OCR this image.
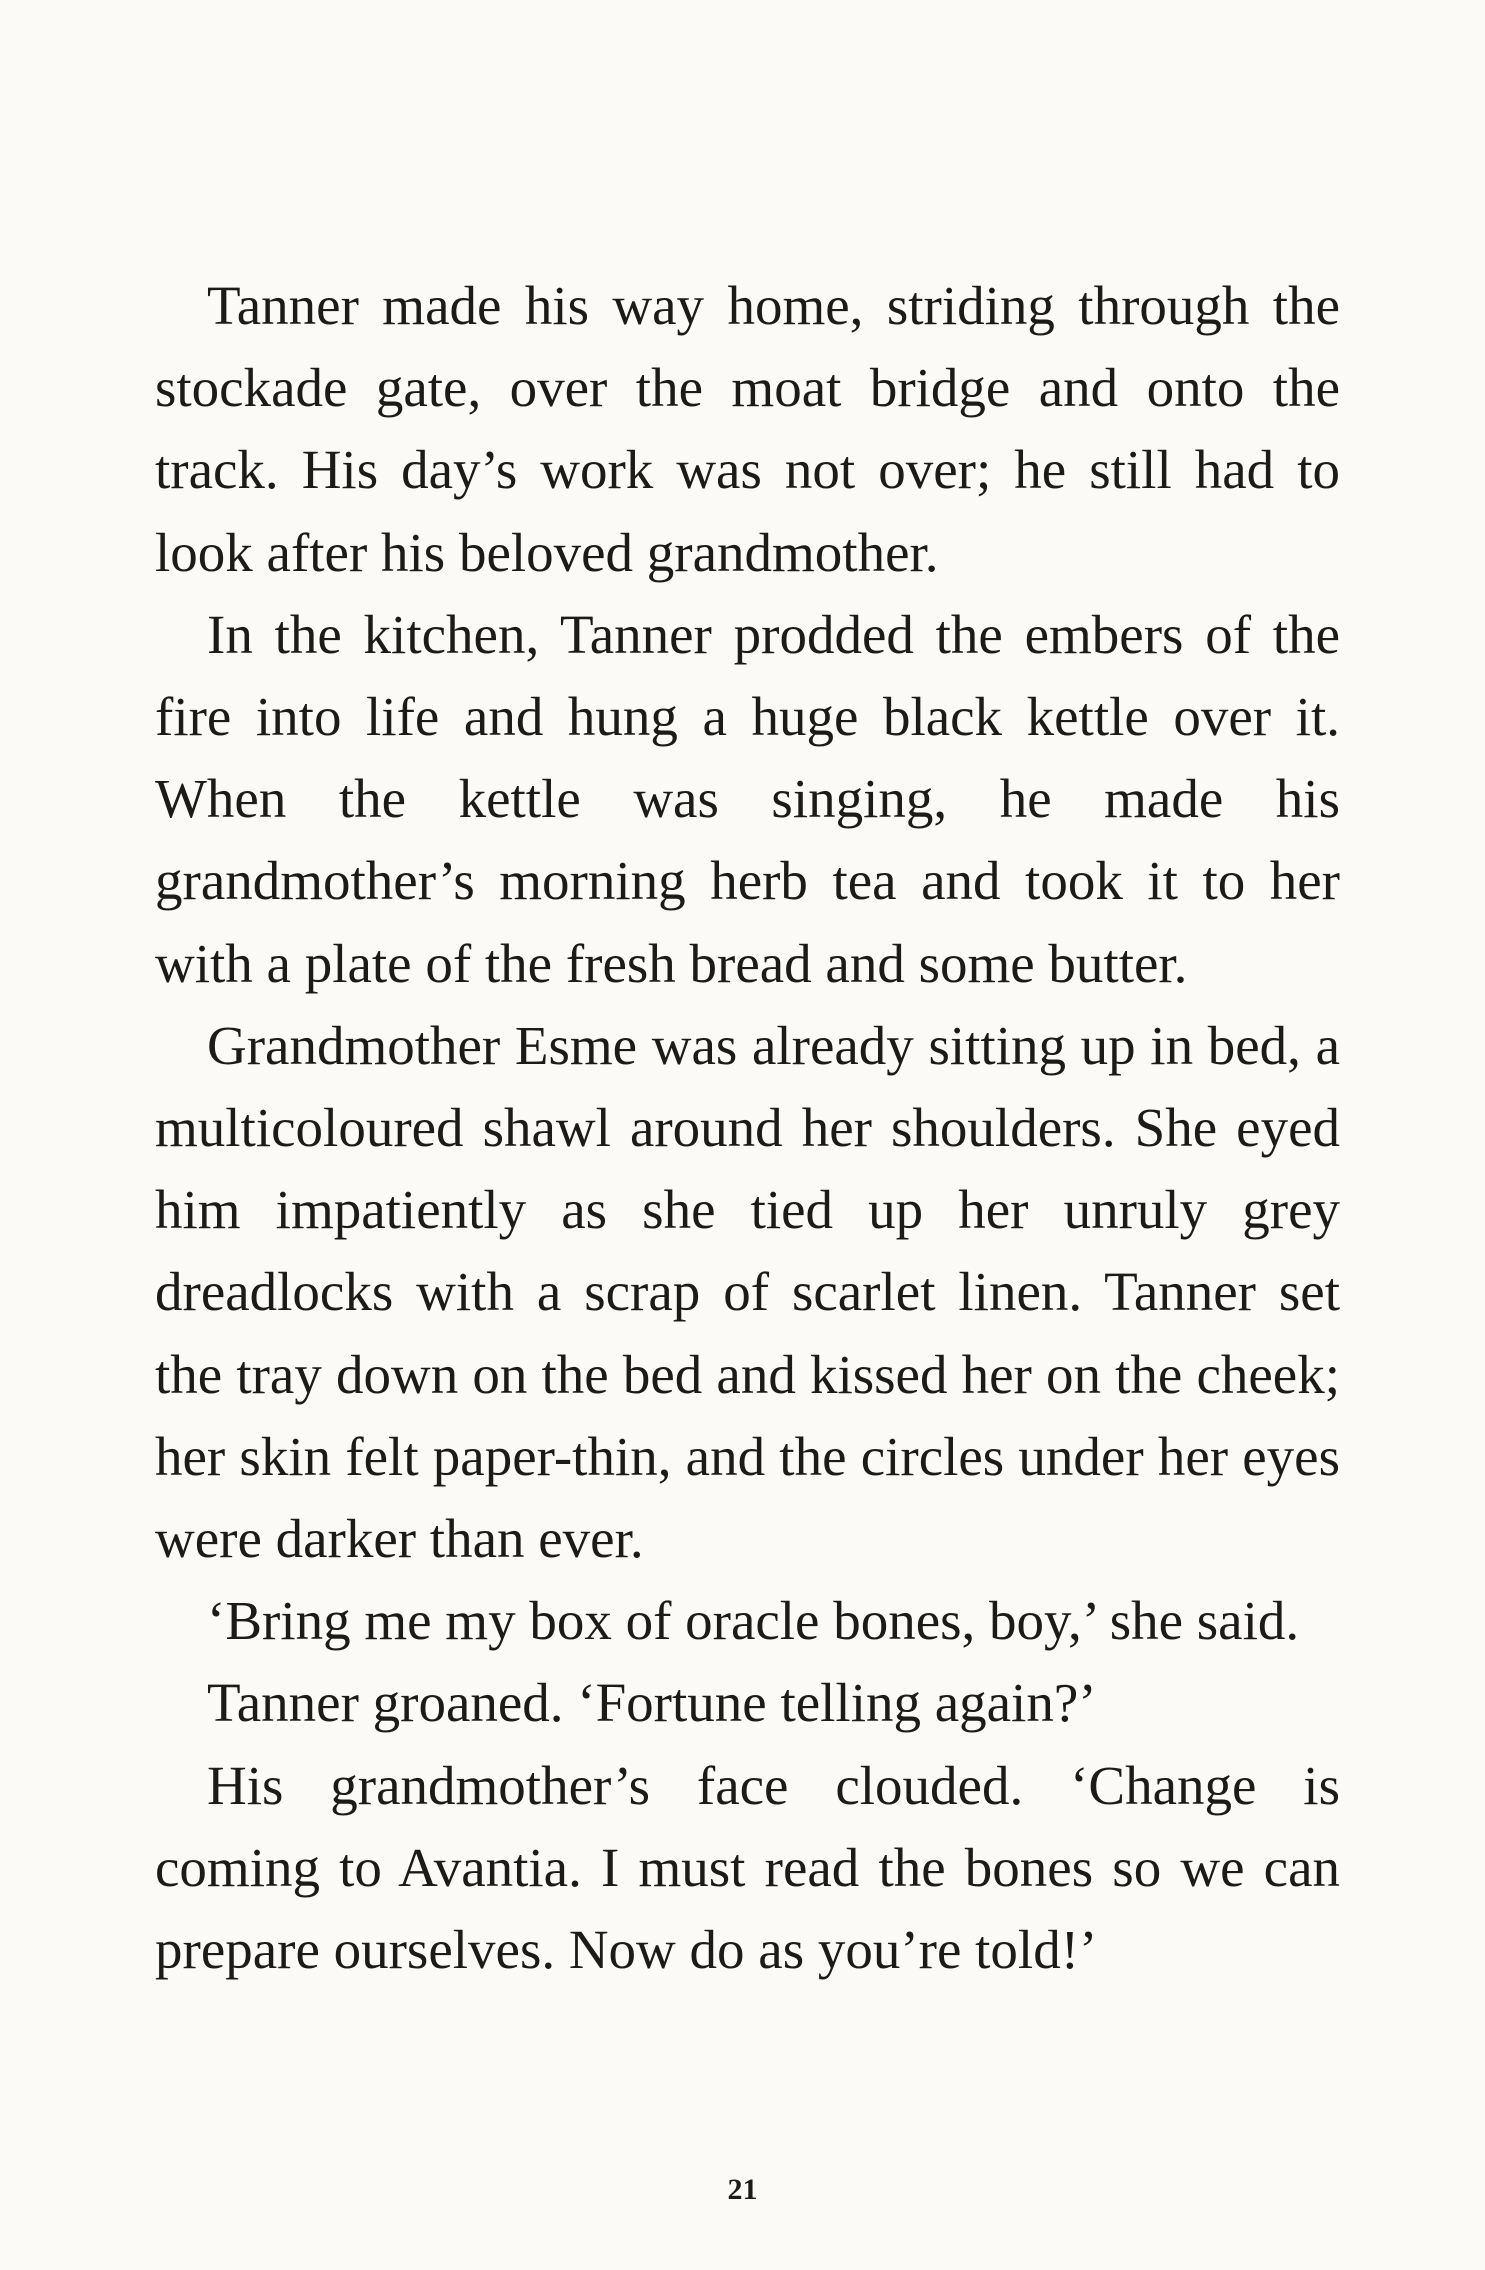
Tanner made his way home, striding through the stockade gate, over the moat bridge and onto the track. His day’s work was not over; he still had to look after his beloved grandmother.

In the kitchen, Tanner prodded the embers of the fire into life and hung a huge black kettle over it. When the kettle was singing, he made his grandmother’s morning herb tea and took it to her with a plate of the fresh bread and some butter.

Grandmother Esme was already sitting up in bed, a multicoloured shawl around her shoulders. She eyed him impatiently as she tied up her unruly grey dreadlocks with a scrap of scarlet linen. Tanner set the tray down on the bed and kissed her on the cheek; her skin felt paper-thin, and the circles under her eyes were darker than ever.

‘Bring me my box of oracle bones, boy,’ she said.

Tanner groaned. ‘Fortune telling again?’

His grandmother’s face clouded. ‘Change is coming to Avantia. I must read the bones so we can prepare ourselves. Now do as you’re told!’

21
